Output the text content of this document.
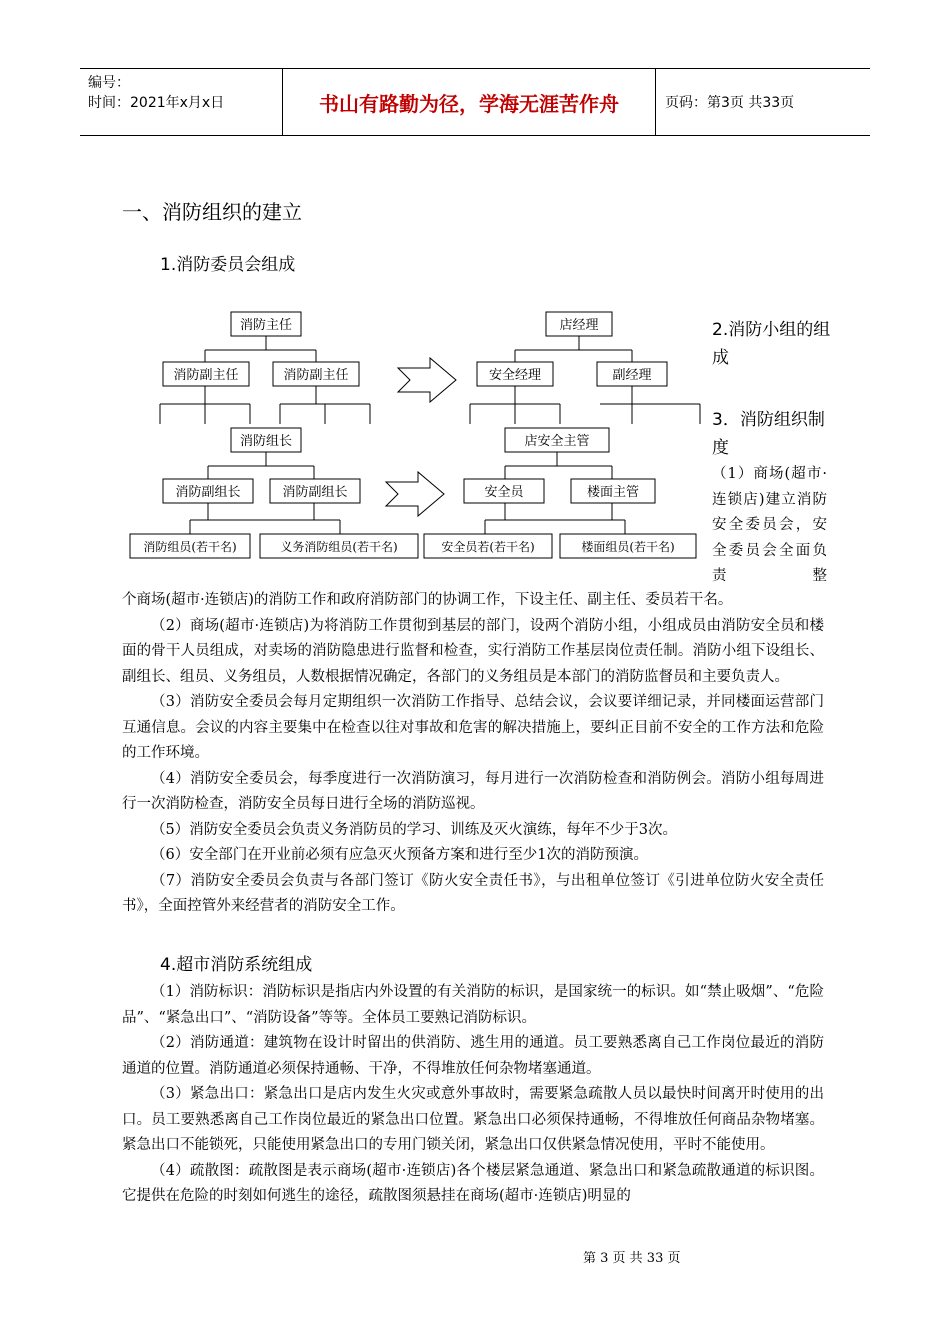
编号：
时间：2021年x月x日	书山有路勤为径，学海无涯苦作舟	页码：第3页 共33页
一、消防组织的建立
1.消防委员会组成
消防主任
消防副主任	消防副主任
店经理
安全经理	副经理
消防组长
消防副组长	消防副组长
消防组员(若干名)	义务消防组员(若干名)
店安全主管
安全员	楼面主管
安全员若(若干名)	楼面组员(若干名)
2.消防小组的组成
3．消防组织制度
（1）商场(超市·连锁店)建立消防安全委员会，安全委员会全面负责整

个商场(超市·连锁店)的消防工作和政府消防部门的协调工作，下设主任、副主任、委员若干名。

（2）商场(超市·连锁店)为将消防工作贯彻到基层的部门，设两个消防小组，小组成员由消防安全员和楼面的骨干人员组成，对卖场的消防隐患进行监督和检查，实行消防工作基层岗位责任制。消防小组下设组长、副组长、组员、义务组员，人数根据情况确定，各部门的义务组员是本部门的消防监督员和主要负责人。

（3）消防安全委员会每月定期组织一次消防工作指导、总结会议，会议要详细记录，并同楼面运营部门互通信息。会议的内容主要集中在检查以往对事故和危害的解决措施上，要纠正目前不安全的工作方法和危险的工作环境。

（4）消防安全委员会，每季度进行一次消防演习，每月进行一次消防检查和消防例会。消防小组每周进行一次消防检查，消防安全员每日进行全场的消防巡视。

（5）消防安全委员会负责义务消防员的学习、训练及灭火演练，每年不少于3次。

（6）安全部门在开业前必须有应急灭火预备方案和进行至少1次的消防预演。

（7）消防安全委员会负责与各部门签订《防火安全责任书》，与出租单位签订《引进单位防火安全责任书》，全面控管外来经营者的消防安全工作。

4.超市消防系统组成

（1）消防标识：消防标识是指店内外设置的有关消防的标识，是国家统一的标识。如“禁止吸烟”、“危险品”、“紧急出口”、“消防设备”等等。全体员工要熟记消防标识。

（2）消防通道：建筑物在设计时留出的供消防、逃生用的通道。员工要熟悉离自己工作岗位最近的消防通道的位置。消防通道必须保持通畅、干净，不得堆放任何杂物堵塞通道。

（3）紧急出口：紧急出口是店内发生火灾或意外事故时，需要紧急疏散人员以最快时间离开时使用的出口。员工要熟悉离自己工作岗位最近的紧急出口位置。紧急出口必须保持通畅，不得堆放任何商品杂物堵塞。紧急出口不能锁死，只能使用紧急出口的专用门锁关闭，紧急出口仅供紧急情况使用，平时不能使用。

（4）疏散图：疏散图是表示商场(超市·连锁店)各个楼层紧急通道、紧急出口和紧急疏散通道的标识图。它提供在危险的时刻如何逃生的途径，疏散图须悬挂在商场(超市·连锁店)明显的

第 3 页 共 33 页
